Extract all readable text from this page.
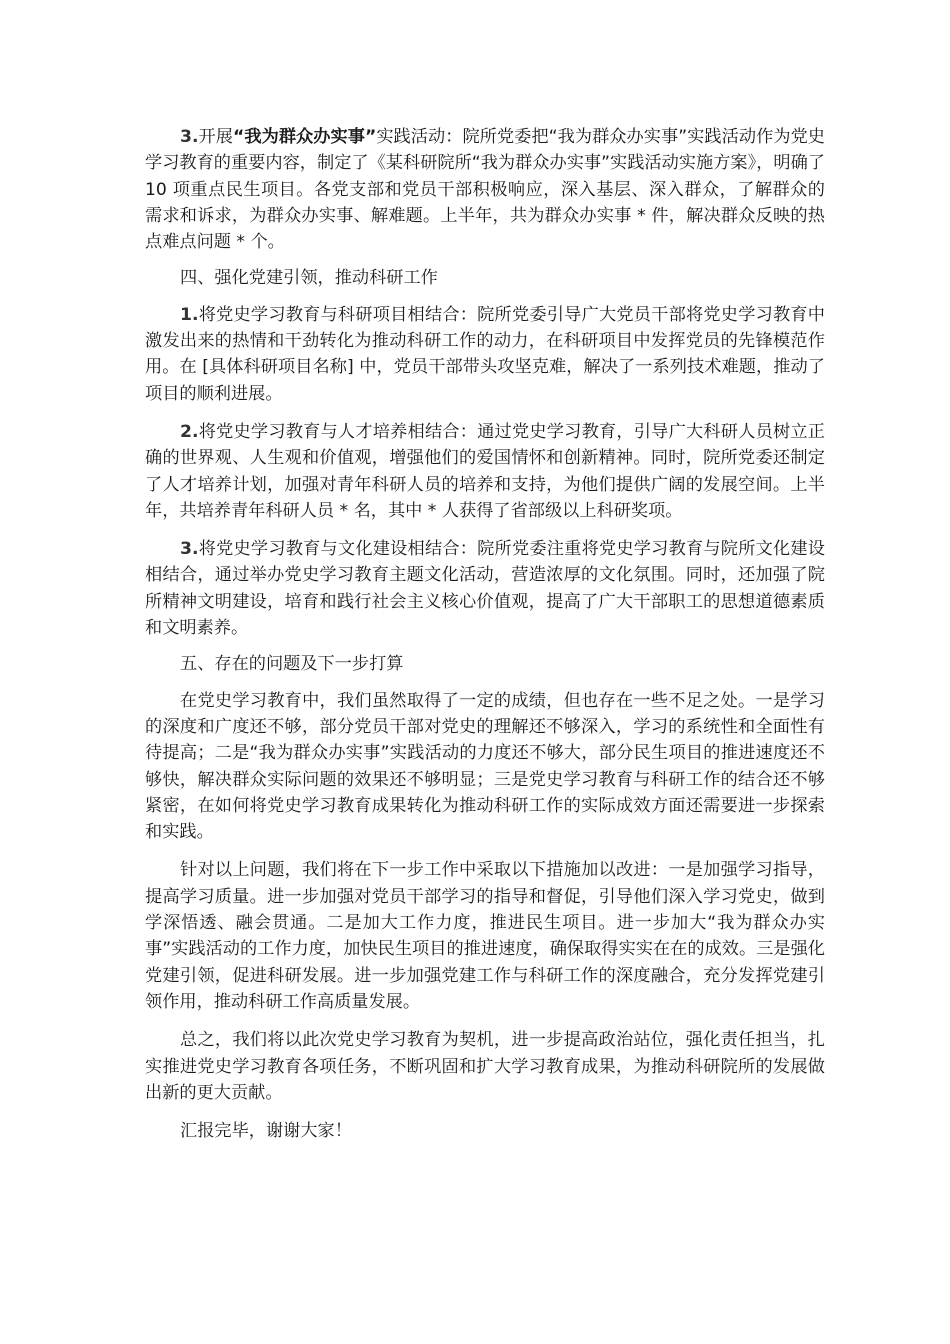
3.开展“我为群众办实事”实践活动：院所党委把“我为群众办实事”实践活动作为党史学习教育的重要内容，制定了《某科研院所“我为群众办实事”实践活动实施方案》，明确了 10 项重点民生项目。各党支部和党员干部积极响应，深入基层、深入群众，了解群众的需求和诉求，为群众办实事、解难题。上半年，共为群众办实事 * 件，解决群众反映的热点难点问题 * 个。

四、强化党建引领，推动科研工作

1.将党史学习教育与科研项目相结合：院所党委引导广大党员干部将党史学习教育中激发出来的热情和干劲转化为推动科研工作的动力，在科研项目中发挥党员的先锋模范作用。在 [具体科研项目名称] 中，党员干部带头攻坚克难，解决了一系列技术难题，推动了项目的顺利进展。

2.将党史学习教育与人才培养相结合：通过党史学习教育，引导广大科研人员树立正确的世界观、人生观和价值观，增强他们的爱国情怀和创新精神。同时，院所党委还制定了人才培养计划，加强对青年科研人员的培养和支持，为他们提供广阔的发展空间。上半年，共培养青年科研人员 * 名，其中 * 人获得了省部级以上科研奖项。

3.将党史学习教育与文化建设相结合：院所党委注重将党史学习教育与院所文化建设相结合，通过举办党史学习教育主题文化活动，营造浓厚的文化氛围。同时，还加强了院所精神文明建设，培育和践行社会主义核心价值观，提高了广大干部职工的思想道德素质和文明素养。

五、存在的问题及下一步打算

在党史学习教育中，我们虽然取得了一定的成绩，但也存在一些不足之处。一是学习的深度和广度还不够，部分党员干部对党史的理解还不够深入，学习的系统性和全面性有待提高；二是“我为群众办实事”实践活动的力度还不够大，部分民生项目的推进速度还不够快，解决群众实际问题的效果还不够明显；三是党史学习教育与科研工作的结合还不够紧密，在如何将党史学习教育成果转化为推动科研工作的实际成效方面还需要进一步探索和实践。

针对以上问题，我们将在下一步工作中采取以下措施加以改进：一是加强学习指导，提高学习质量。进一步加强对党员干部学习的指导和督促，引导他们深入学习党史，做到学深悟透、融会贯通。二是加大工作力度，推进民生项目。进一步加大“我为群众办实事”实践活动的工作力度，加快民生项目的推进速度，确保取得实实在在的成效。三是强化党建引领，促进科研发展。进一步加强党建工作与科研工作的深度融合，充分发挥党建引领作用，推动科研工作高质量发展。

总之，我们将以此次党史学习教育为契机，进一步提高政治站位，强化责任担当，扎实推进党史学习教育各项任务，不断巩固和扩大学习教育成果，为推动科研院所的发展做出新的更大贡献。

汇报完毕，谢谢大家！
